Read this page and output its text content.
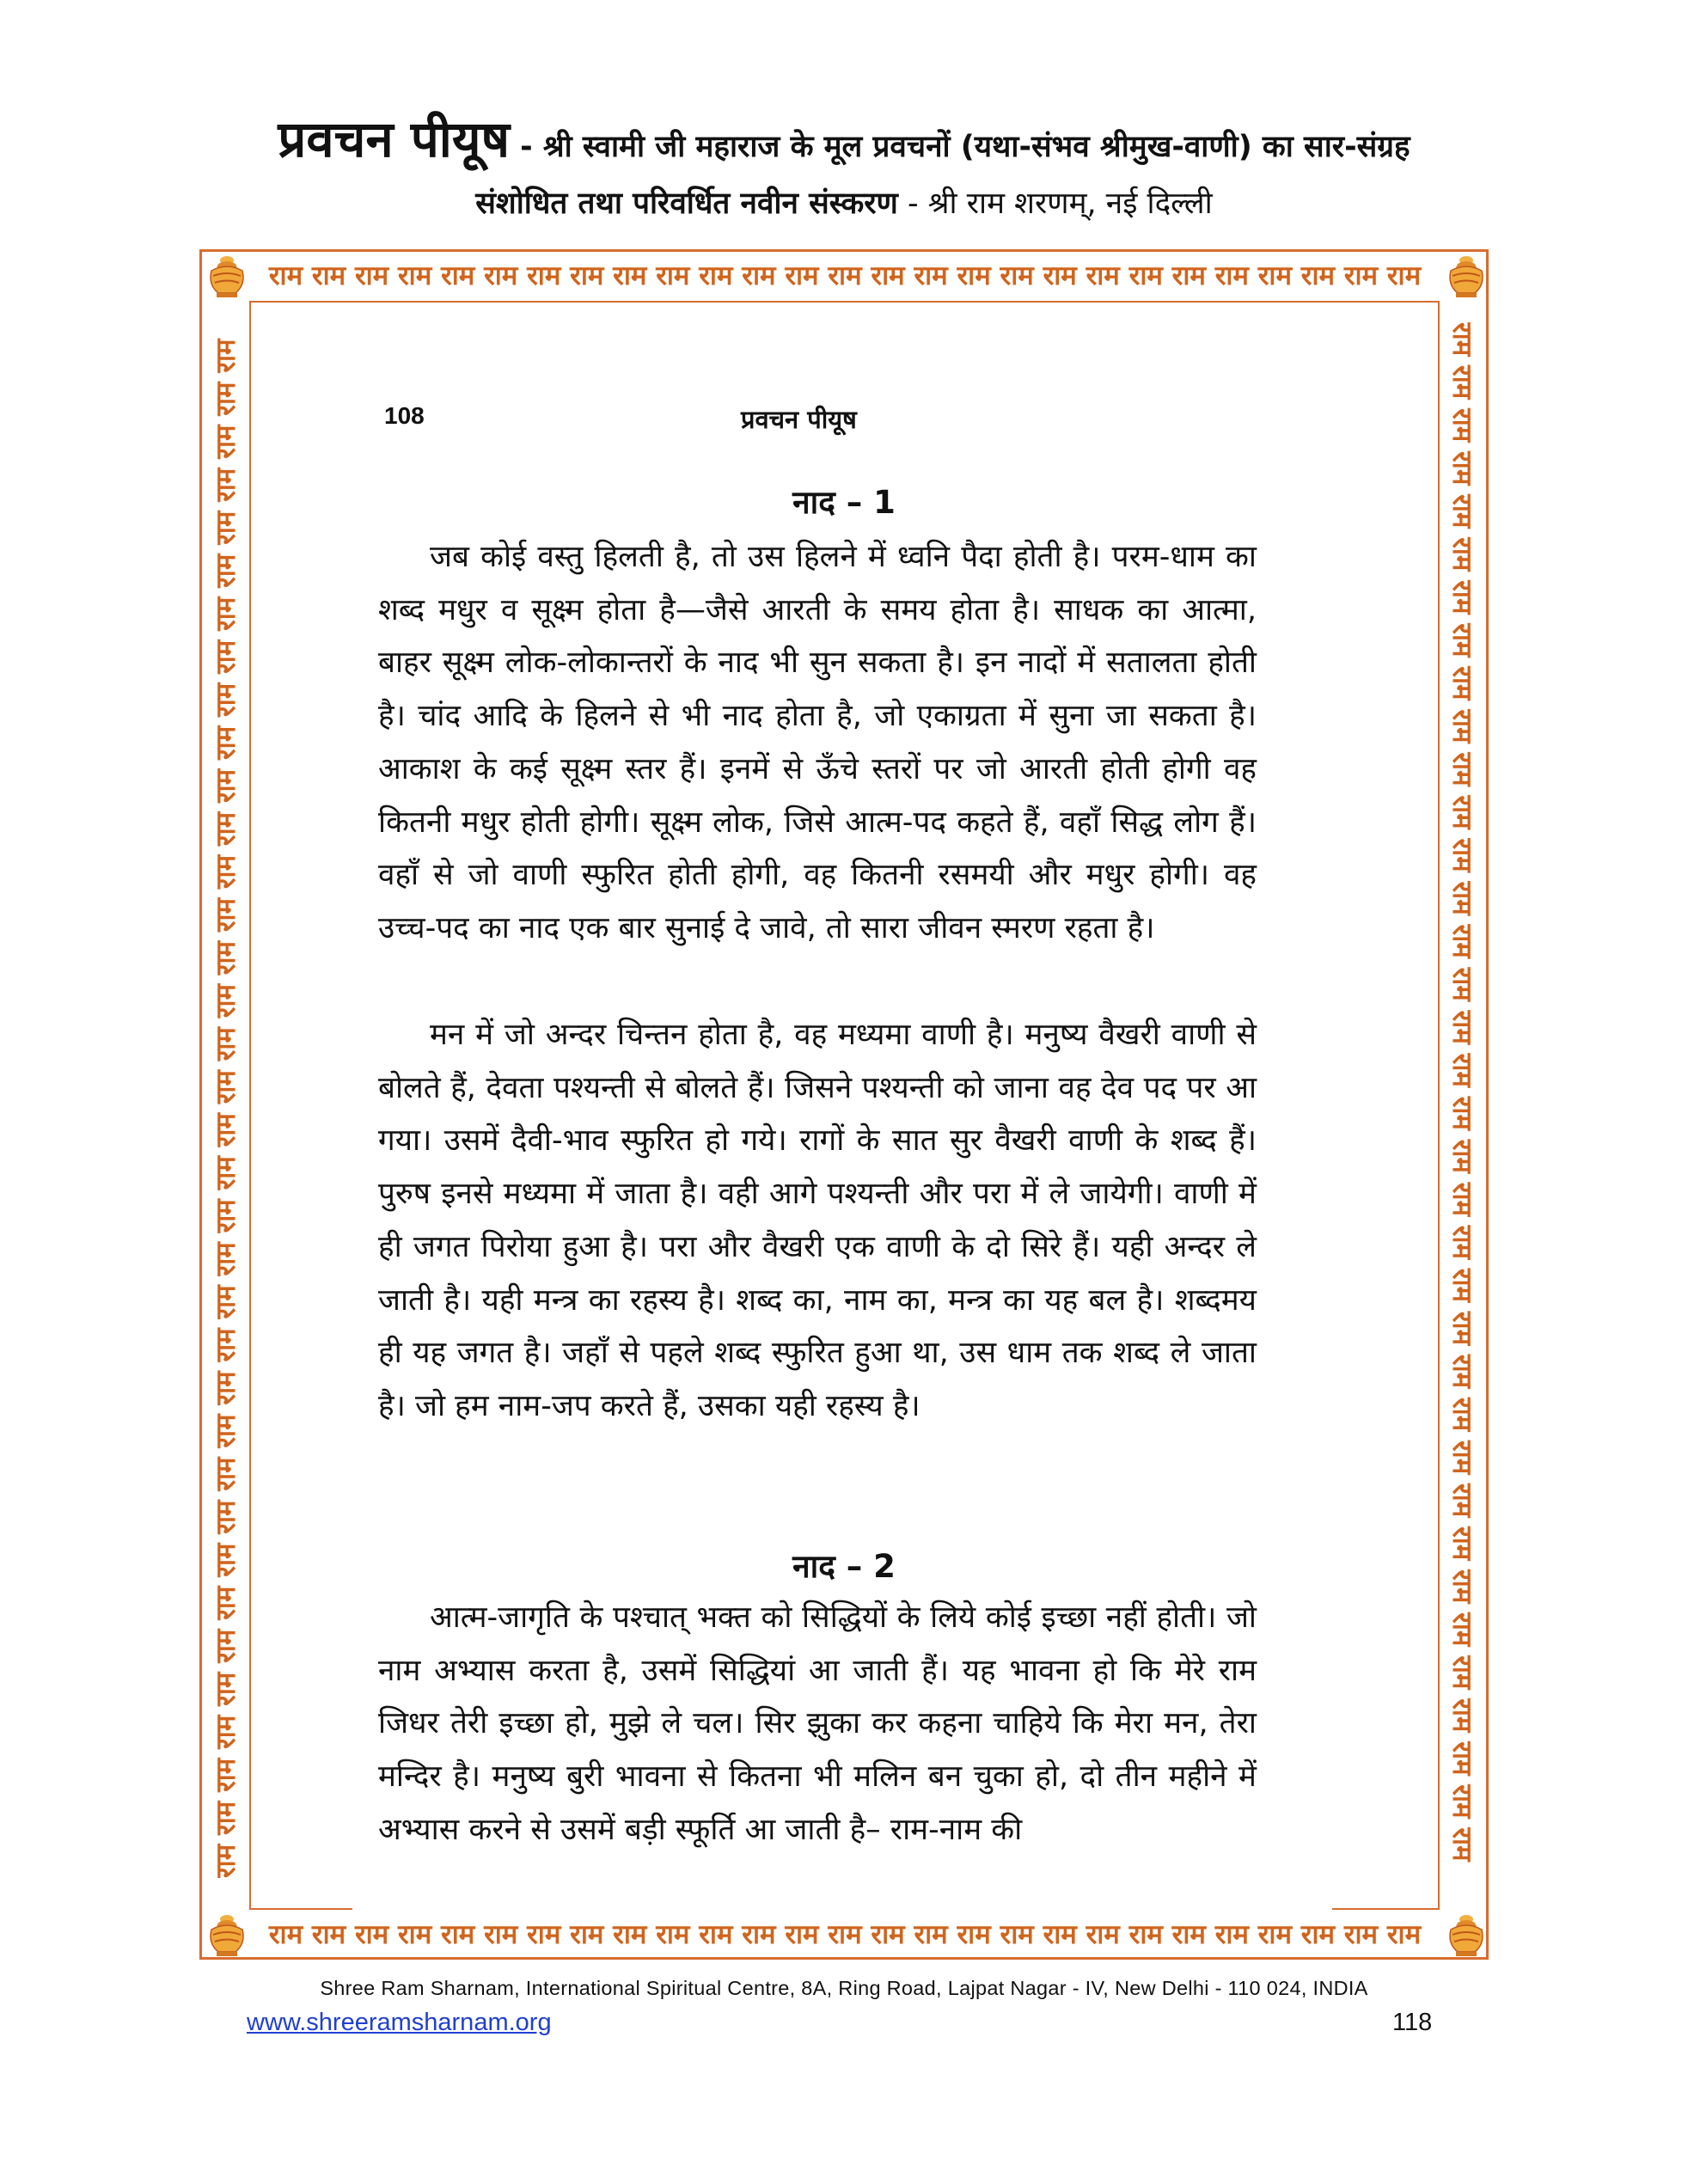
प्रवचन पीयूष - श्री स्वामी जी महाराज के मूल प्रवचनों (यथा-संभव श्रीमुख-वाणी) का सार-संग्रह
संशोधित तथा परिवर्धित नवीन संस्करण - श्री राम शरणम्, नई दिल्ली
राम राम राम राम राम राम राम राम राम राम राम राम राम राम राम राम राम राम राम राम राम राम राम राम राम राम राम
राम राम राम राम राम राम राम राम राम राम राम राम राम राम राम राम राम राम राम राम राम राम राम राम राम राम राम
राम राम राम राम राम राम राम राम राम राम राम राम राम राम राम राम राम राम राम राम राम राम राम राम राम राम राम राम राम राम राम राम राम राम राम राम	राम राम राम राम राम राम राम राम राम राम राम राम राम राम राम राम राम राम राम राम राम राम राम राम राम राम राम राम राम राम राम राम राम राम राम राम
108	प्रवचन पीयूष
नाद – 1
जब कोई वस्तु हिलती है, तो उस हिलने में ध्वनि पैदा होती है। परम-धाम का शब्द मधुर व सूक्ष्म होता है—जैसे आरती के समय होता है। साधक का आत्मा, बाहर सूक्ष्म लोक-लोकान्तरों के नाद भी सुन सकता है। इन नादों में सतालता होती है। चांद आदि के हिलने से भी नाद होता है, जो एकाग्रता में सुना जा सकता है। आकाश के कई सूक्ष्म स्तर हैं। इनमें से ऊँचे स्तरों पर जो आरती होती होगी वह कितनी मधुर होती होगी। सूक्ष्म लोक, जिसे आत्म-पद कहते हैं, वहाँ सिद्ध लोग हैं। वहाँ से जो वाणी स्फुरित होती होगी, वह कितनी रसमयी और मधुर होगी। वह उच्च-पद का नाद एक बार सुनाई दे जावे, तो सारा जीवन स्मरण रहता है।
मन में जो अन्दर चिन्तन होता है, वह मध्यमा वाणी है। मनुष्य वैखरी वाणी से बोलते हैं, देवता पश्यन्ती से बोलते हैं। जिसने पश्यन्ती को जाना वह देव पद पर आ गया। उसमें दैवी-भाव स्फुरित हो गये। रागों के सात सुर वैखरी वाणी के शब्द हैं। पुरुष इनसे मध्यमा में जाता है। वही आगे पश्यन्ती और परा में ले जायेगी। वाणी में ही जगत पिरोया हुआ है। परा और वैखरी एक वाणी के दो सिरे हैं। यही अन्दर ले जाती है। यही मन्त्र का रहस्य है। शब्द का, नाम का, मन्त्र का यह बल है। शब्दमय ही यह जगत है। जहाँ से पहले शब्द स्फुरित हुआ था, उस धाम तक शब्द ले जाता है। जो हम नाम-जप करते हैं, उसका यही रहस्य है।
नाद – 2
आत्म-जागृति के पश्चात् भक्त को सिद्धियों के लिये कोई इच्छा नहीं होती। जो नाम अभ्यास करता है, उसमें सिद्धियां आ जाती हैं। यह भावना हो कि मेरे राम जिधर तेरी इच्छा हो, मुझे ले चल। सिर झुका कर कहना चाहिये कि मेरा मन, तेरा मन्दिर है। मनुष्य बुरी भावना से कितना भी मलिन बन चुका हो, दो तीन महीने में अभ्यास करने से उसमें बड़ी स्फूर्ति आ जाती है– राम-नाम की
Shree Ram Sharnam, International Spiritual Centre, 8A, Ring Road, Lajpat Nagar - IV, New Delhi - 110 024, INDIA
www.shreeramsharnam.org	118
